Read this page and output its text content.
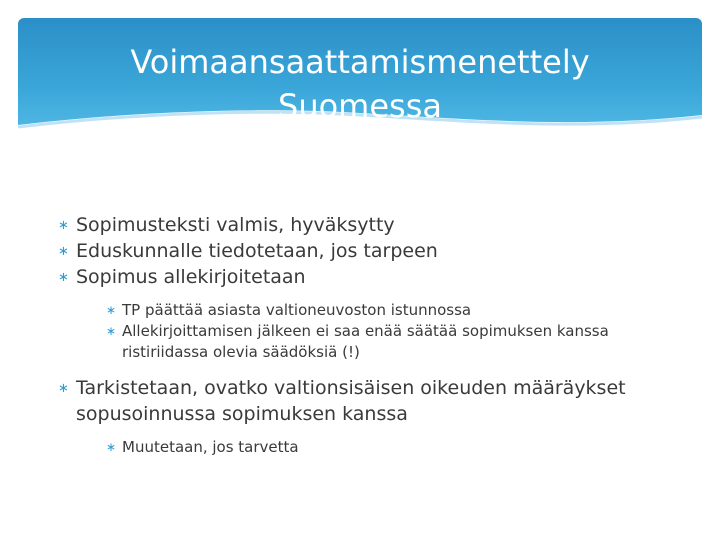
Voimaansaattamismenettely
Suomessa
∗ Sopimusteksti valmis, hyväksytty
∗ Eduskunnalle tiedotetaan, jos tarpeen
∗ Sopimus allekirjoitetaan
∗ TP päättää asiasta valtioneuvoston istunnossa
∗ Allekirjoittamisen jälkeen ei saa enää säätää sopimuksen kanssa ristiriidassa olevia säädöksiä (!)
∗ Tarkistetaan, ovatko valtionsisäisen oikeuden määräykset sopusoinnussa sopimuksen kanssa
∗ Muutetaan, jos tarvetta
